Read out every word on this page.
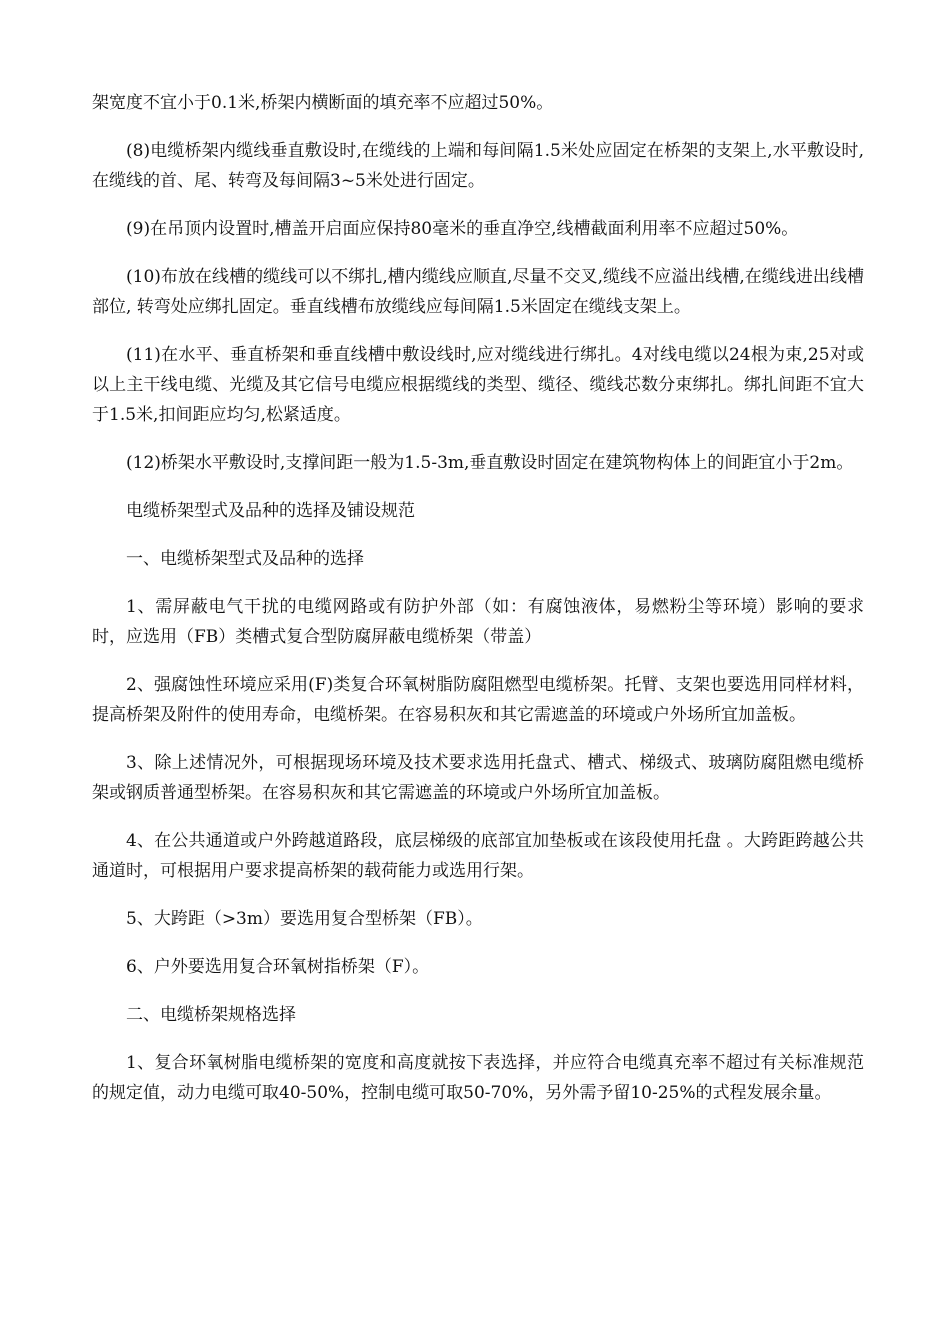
架宽度不宜小于0.1米,桥架内横断面的填充率不应超过50%。

(8)电缆桥架内缆线垂直敷设时,在缆线的上端和每间隔1.5米处应固定在桥架的支架上,水平敷设时, 在缆线的首、尾、转弯及每间隔3~5米处进行固定。

(9)在吊顶内设置时,槽盖开启面应保持80毫米的垂直净空,线槽截面利用率不应超过50%。

(10)布放在线槽的缆线可以不绑扎,槽内缆线应顺直,尽量不交叉,缆线不应溢出线槽,在缆线进出线槽部位, 转弯处应绑扎固定。垂直线槽布放缆线应每间隔1.5米固定在缆线支架上。

(11)在水平、垂直桥架和垂直线槽中敷设线时,应对缆线进行绑扎。4对线电缆以24根为束,25对或以上主干线电缆、光缆及其它信号电缆应根据缆线的类型、缆径、缆线芯数分束绑扎。绑扎间距不宜大于1.5米,扣间距应均匀,松紧适度。

(12)桥架水平敷设时,支撑间距一般为1.5-3m,垂直敷设时固定在建筑物构体上的间距宜小于2m。

电缆桥架型式及品种的选择及铺设规范

一、电缆桥架型式及品种的选择

1、需屏蔽电气干扰的电缆网路或有防护外部（如：有腐蚀液体，易燃粉尘等环境）影响的要求时，应选用（FB）类槽式复合型防腐屏蔽电缆桥架（带盖）

2、强腐蚀性环境应采用(F)类复合环氧树脂防腐阻燃型电缆桥架。托臂、支架也要选用同样材料，提高桥架及附件的使用寿命，电缆桥架。在容易积灰和其它需遮盖的环境或户外场所宜加盖板。

3、除上述情况外，可根据现场环境及技术要求选用托盘式、槽式、梯级式、玻璃防腐阻燃电缆桥架或钢质普通型桥架。在容易积灰和其它需遮盖的环境或户外场所宜加盖板。

4、在公共通道或户外跨越道路段，底层梯级的底部宜加垫板或在该段使用托盘 。大跨距跨越公共通道时，可根据用户要求提高桥架的载荷能力或选用行架。

5、大跨距（>3m）要选用复合型桥架（FB）。

6、户外要选用复合环氧树指桥架（F）。

二、电缆桥架规格选择

1、复合环氧树脂电缆桥架的宽度和高度就按下表选择，并应符合电缆真充率不超过有关标准规范的规定值，动力电缆可取40-50%，控制电缆可取50-70%，另外需予留10-25%的式程发展余量。
